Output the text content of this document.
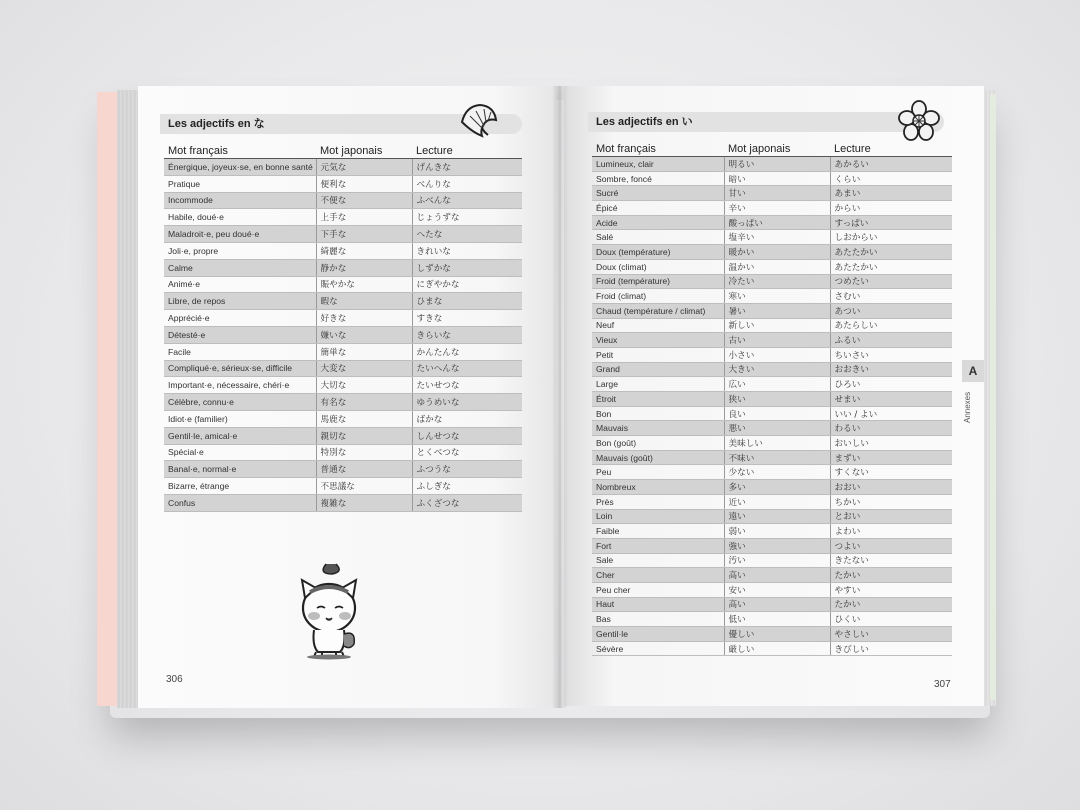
Les adjectifs en な
Mot français	Mot japonais	Lecture
Énergique, joyeux·se, en bonne santé	元気な	げんきな
Pratique	便利な	べんりな
Incommode	不便な	ふべんな
Habile, doué·e	上手な	じょうずな
Maladroit·e, peu doué·e	下手な	へたな
Joli·e, propre	綺麗な	きれいな
Calme	静かな	しずかな
Animé·e	賑やかな	にぎやかな
Libre, de repos	暇な	ひまな
Apprécié·e	好きな	すきな
Détesté·e	嫌いな	きらいな
Facile	簡単な	かんたんな
Compliqué·e, sérieux·se, difficile	大変な	たいへんな
Important·e, nécessaire, chéri·e	大切な	たいせつな
Célèbre, connu·e	有名な	ゆうめいな
Idiot·e (familier)	馬鹿な	ばかな
Gentil·le, amical·e	親切な	しんせつな
Spécial·e	特別な	とくべつな
Banal·e, normal·e	普通な	ふつうな
Bizarre, étrange	不思議な	ふしぎな
Confus	複雑な	ふくざつな
306
Les adjectifs en い
Mot français	Mot japonais	Lecture
Lumineux, clair	明るい	あかるい
Sombre, foncé	暗い	くらい
Sucré	甘い	あまい
Épicé	辛い	からい
Acide	酸っぱい	すっぱい
Salé	塩辛い	しおからい
Doux (température)	暖かい	あたたかい
Doux (climat)	温かい	あたたかい
Froid (température)	冷たい	つめたい
Froid (climat)	寒い	さむい
Chaud (température / climat)	暑い	あつい
Neuf	新しい	あたらしい
Vieux	古い	ふるい
Petit	小さい	ちいさい
Grand	大きい	おおきい
Large	広い	ひろい
Étroit	狭い	せまい
Bon	良い	いい / よい
Mauvais	悪い	わるい
Bon (goût)	美味しい	おいしい
Mauvais (goût)	不味い	まずい
Peu	少ない	すくない
Nombreux	多い	おおい
Près	近い	ちかい
Loin	遠い	とおい
Faible	弱い	よわい
Fort	強い	つよい
Sale	汚い	きたない
Cher	高い	たかい
Peu cher	安い	やすい
Haut	高い	たかい
Bas	低い	ひくい
Gentil·le	優しい	やさしい
Sévère	厳しい	きびしい
A
Annexes
307
